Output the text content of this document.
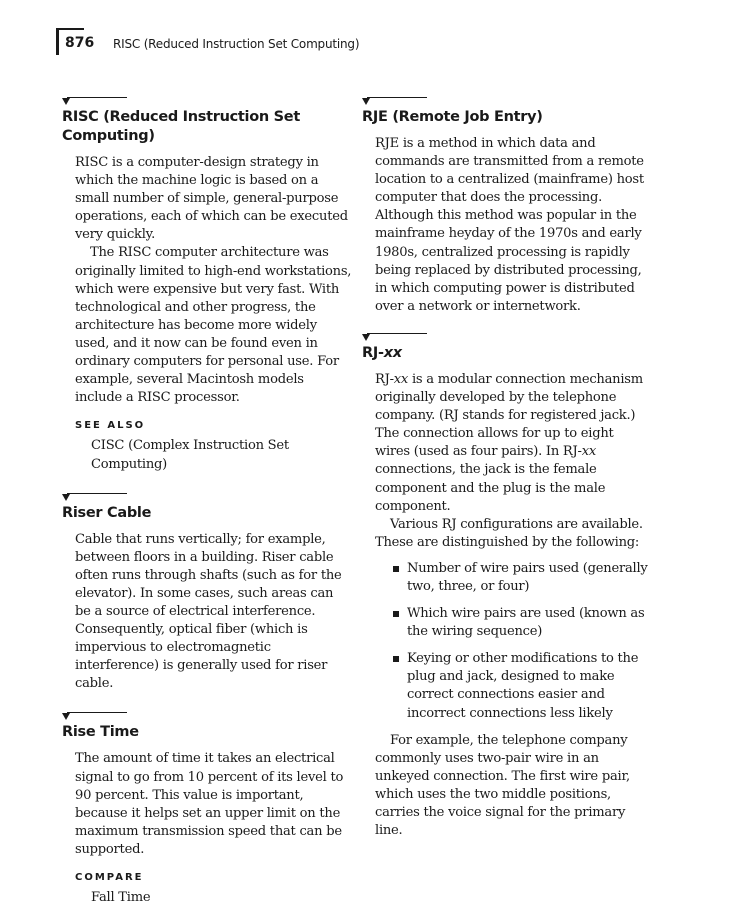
876 RISC (Reduced Instruction Set Computing)
RISC (Reduced Instruction Set Computing)

RISC is a computer-design strategy in which the machine logic is based on a small number of simple, general-purpose operations, each of which can be executed very quickly.

The RISC computer architecture was originally limited to high-end workstations, which were expensive but very fast. With technological and other progress, the architecture has become more widely used, and it now can be found even in ordinary computers for personal use. For example, several Macintosh models include a RISC processor.

SEE ALSO

CISC (Complex Instruction Set Computing)

Riser Cable

Cable that runs vertically; for example, between floors in a building. Riser cable often runs through shafts (such as for the elevator). In some cases, such areas can be a source of electrical interference. Consequently, optical fiber (which is impervious to electromagnetic interference) is generally used for riser cable.

Rise Time

The amount of time it takes an electrical signal to go from 10 percent of its level to 90 percent. This value is important, because it helps set an upper limit on the maximum transmission speed that can be supported.

COMPARE

Fall Time

RJE (Remote Job Entry)

RJE is a method in which data and commands are transmitted from a remote location to a centralized (mainframe) host computer that does the processing. Although this method was popular in the mainframe heyday of the 1970s and early 1980s, centralized processing is rapidly being replaced by distributed processing, in which computing power is distributed over a network or internetwork.

RJ-xx

RJ-xx is a modular connection mechanism originally developed by the telephone company. (RJ stands for registered jack.) The connection allows for up to eight wires (used as four pairs). In RJ-xx connections, the jack is the female component and the plug is the male component.

Various RJ configurations are available. These are distinguished by the following:

Number of wire pairs used (generally two, three, or four)
Which wire pairs are used (known as the wiring sequence)
Keying or other modifications to the plug and jack, designed to make correct connections easier and incorrect connections less likely

For example, the telephone company commonly uses two-pair wire in an unkeyed connection. The first wire pair, which uses the two middle positions, carries the voice signal for the primary line.
